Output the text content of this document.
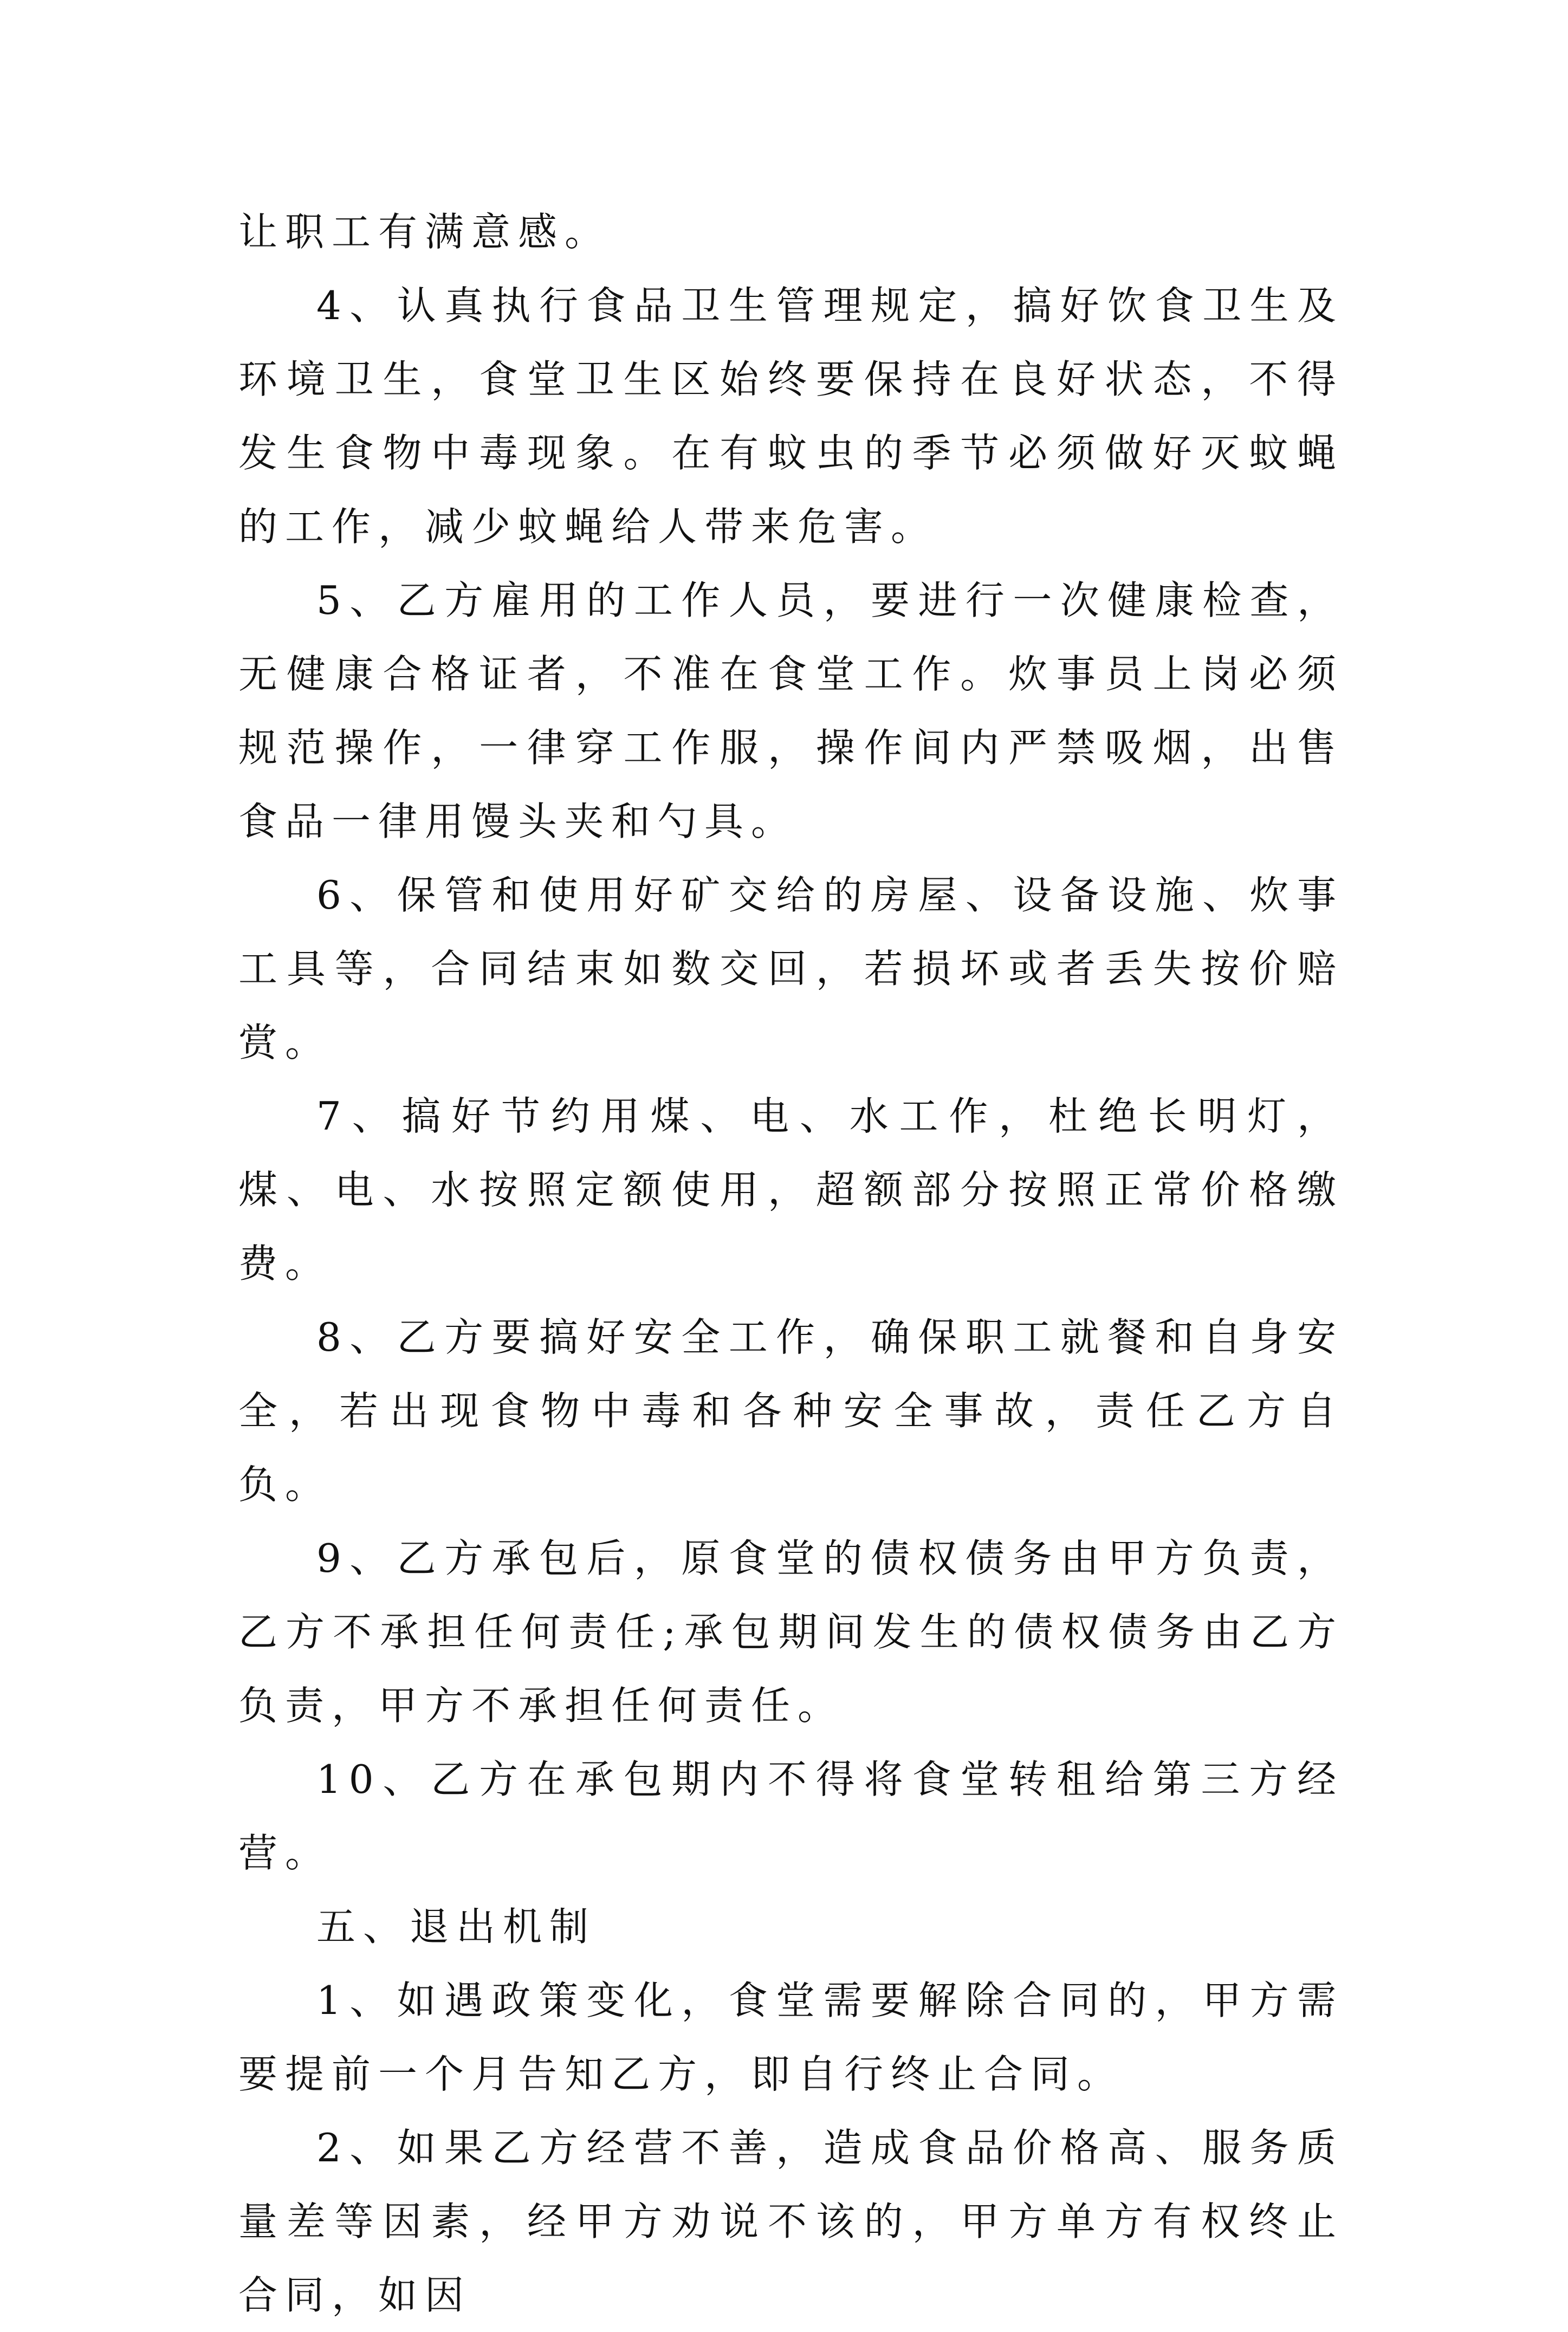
让职工有满意感。

4、认真执行食品卫生管理规定，搞好饮食卫生及环境卫生，食堂卫生区始终要保持在良好状态，不得发生食物中毒现象。在有蚊虫的季节必须做好灭蚊蝇的工作，减少蚊蝇给人带来危害。

5、乙方雇用的工作人员，要进行一次健康检查，无健康合格证者，不准在食堂工作。炊事员上岗必须规范操作，一律穿工作服，操作间内严禁吸烟，出售食品一律用馒头夹和勺具。

6、保管和使用好矿交给的房屋、设备设施、炊事工具等，合同结束如数交回，若损坏或者丢失按价赔赏。

7、搞好节约用煤、电、水工作，杜绝长明灯，煤、电、水按照定额使用，超额部分按照正常价格缴费。

8、乙方要搞好安全工作，确保职工就餐和自身安全，若出现食物中毒和各种安全事故，责任乙方自负。

9、乙方承包后，原食堂的债权债务由甲方负责，乙方不承担任何责任;承包期间发生的债权债务由乙方负责，甲方不承担任何责任。

10、乙方在承包期内不得将食堂转租给第三方经营。

五、退出机制

1、如遇政策变化，食堂需要解除合同的，甲方需要提前一个月告知乙方，即自行终止合同。

2、如果乙方经营不善，造成食品价格高、服务质量差等因素，经甲方劝说不该的，甲方单方有权终止合同，如因
